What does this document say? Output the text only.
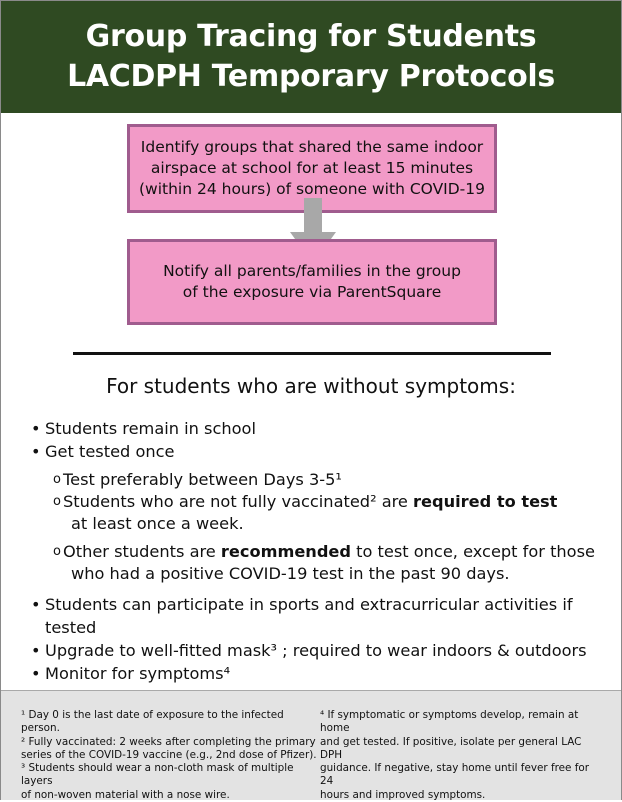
Group Tracing for Students
LACDPH Temporary Protocols
Identify groups that shared the same indoor
airspace at school for at least 15 minutes
(within 24 hours) of someone with COVID-19
Notify all parents/families in the group
of the exposure via ParentSquare
For students who are without symptoms:
• Students remain in school
• Get tested once
o Test preferably between Days 3-5¹
o Students who are not fully vaccinated² are required to test
at least once a week.
o Other students are recommended to test once, except for those
who had a positive COVID-19 test in the past 90 days.
• Students can participate in sports and extracurricular activities if tested
• Upgrade to well-fitted mask³ ; required to wear indoors & outdoors
• Monitor for symptoms⁴
¹ Day 0 is the last date of exposure to the infected person.
² Fully vaccinated: 2 weeks after completing the primary
series of the COVID-19 vaccine (e.g., 2nd dose of Pfizer).
³ Students should wear a non-cloth mask of multiple layers
of non-woven material with a nose wire.
⁴ If symptomatic or symptoms develop, remain at home
and get tested. If positive, isolate per general LAC DPH
guidance. If negative, stay home until fever free for 24
hours and improved symptoms.
